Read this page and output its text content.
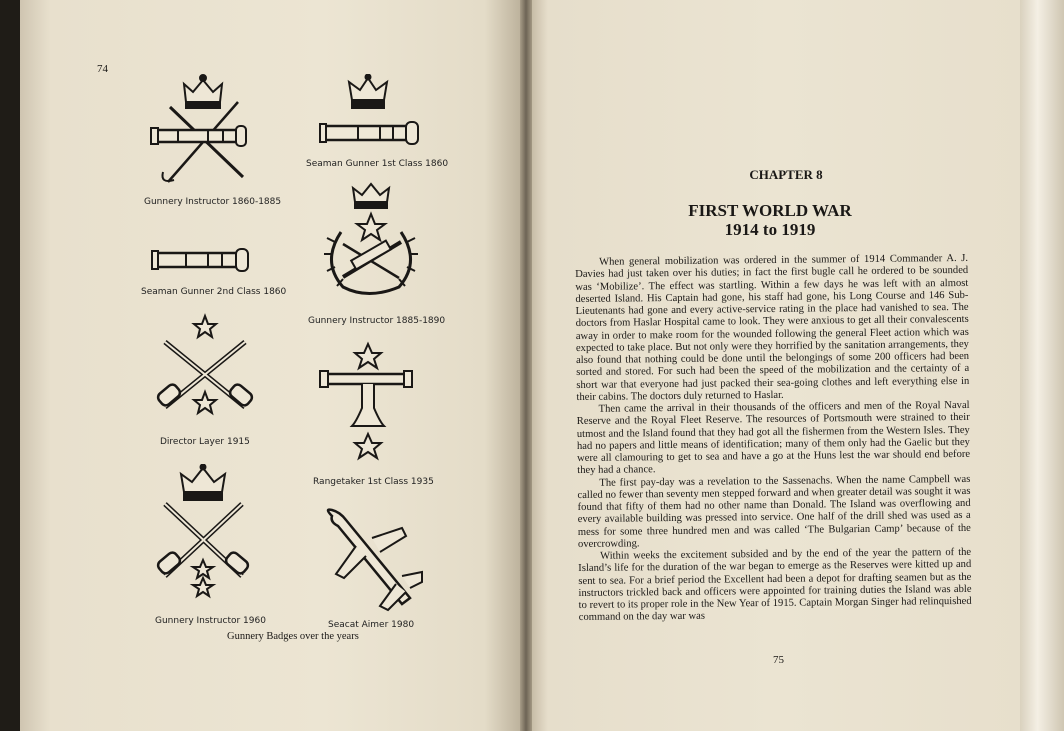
74
Gunnery Instructor 1860-1885
Seaman Gunner 1st Class 1860
Seaman Gunner 2nd Class 1860
Gunnery Instructor 1885-1890
Director Layer 1915
Rangetaker 1st Class 1935
Gunnery Instructor 1960	Seacat Aimer 1980
Gunnery Badges over the years
CHAPTER 8
FIRST WORLD WAR
1914 to 1919

When general mobilization was ordered in the summer of 1914 Commander A. J. Davies had just taken over his duties; in fact the first bugle call he ordered to be sounded was ‘Mobilize’. The effect was startling. Within a few days he was left with an almost deserted Island. His Captain had gone, his staff had gone, his Long Course and 146 Sub-Lieutenants had gone and every active-service rating in the place had vanished to sea. The doctors from Haslar Hospital came to look. They were anxious to get all their convalescents away in order to make room for the wounded following the general Fleet action which was expected to take place. But not only were they horrified by the sanitation arrangements, they also found that nothing could be done until the belongings of some 200 officers had been sorted and stored. For such had been the speed of the mobilization and the certainty of a short war that everyone had just packed their sea-going clothes and left everything else in their cabins. The doctors duly returned to Haslar.

Then came the arrival in their thousands of the officers and men of the Royal Naval Reserve and the Royal Fleet Reserve. The resources of Portsmouth were strained to their utmost and the Island found that they had got all the fishermen from the Western Isles. They had no papers and little means of identification; many of them only had the Gaelic but they were all clamouring to get to sea and have a go at the Huns lest the war should end before they had a chance.

The first pay-day was a revelation to the Sassenachs. When the name Campbell was called no fewer than seventy men stepped forward and when greater detail was sought it was found that fifty of them had no other name than Donald. The Island was overflowing and every available building was pressed into service. One half of the drill shed was used as a mess for some three hundred men and was called ‘The Bulgarian Camp’ because of the overcrowding.

Within weeks the excitement subsided and by the end of the year the pattern of the Island’s life for the duration of the war began to emerge as the Reserves were kitted up and sent to sea. For a brief period the Excellent had been a depot for drafting seamen but as the instructors trickled back and officers were appointed for training duties the Island was able to revert to its proper role in the New Year of 1915. Captain Morgan Singer had relinquished command on the day war was

75
